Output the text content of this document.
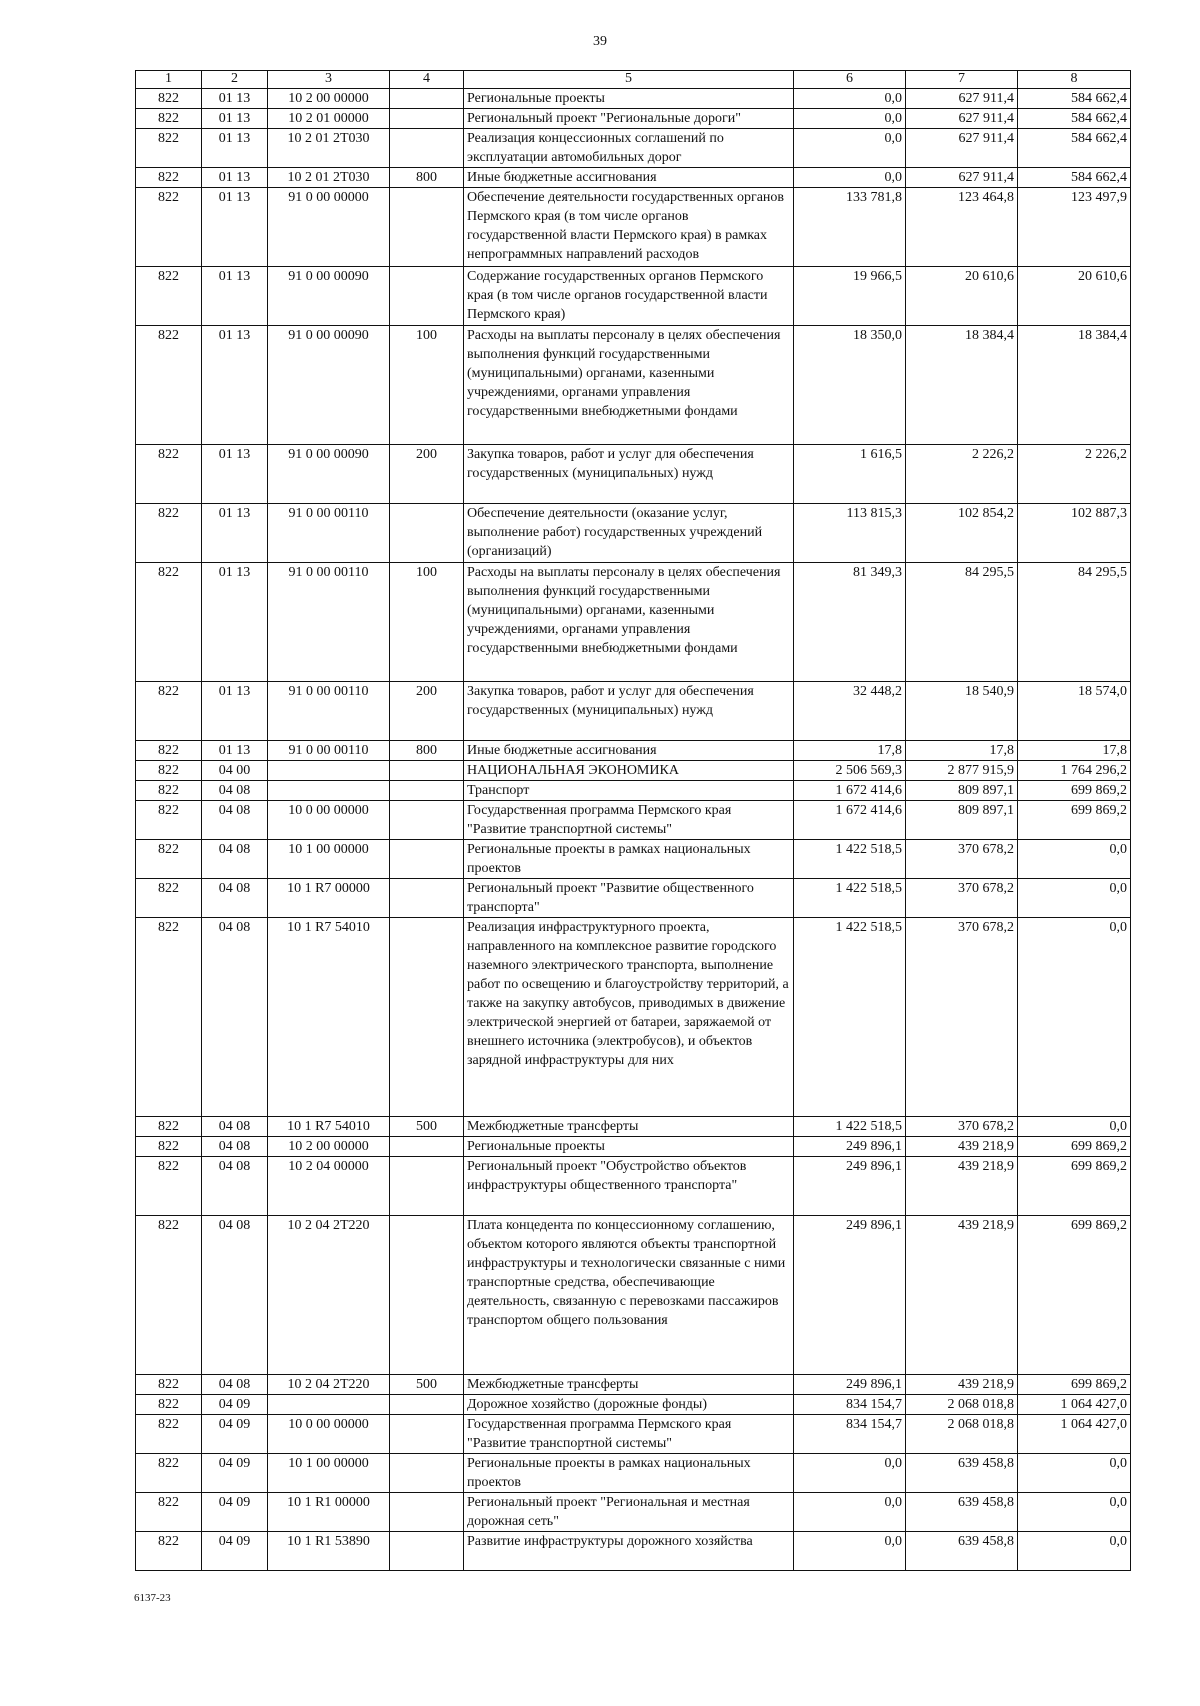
39
1	2	3	4	5	6	7	8
822	01 13	10 2 00 00000		Региональные проекты	0,0	627 911,4	584 662,4
822	01 13	10 2 01 00000		Региональный проект "Региональные дороги"	0,0	627 911,4	584 662,4
822	01 13	10 2 01 2Т030		Реализация концессионных соглашений по эксплуатации автомобильных дорог	0,0	627 911,4	584 662,4
822	01 13	10 2 01 2Т030	800	Иные бюджетные ассигнования	0,0	627 911,4	584 662,4
822	01 13	91 0 00 00000		Обеспечение деятельности государственных органов Пермского края (в том числе органов государственной власти Пермского края) в рамках непрограммных направлений расходов	133 781,8	123 464,8	123 497,9
822	01 13	91 0 00 00090		Содержание государственных органов Пермского края (в том числе органов государственной власти Пермского края)	19 966,5	20 610,6	20 610,6
822	01 13	91 0 00 00090	100	Расходы на выплаты персоналу в целях обеспечения выполнения функций государственными (муниципальными) органами, казенными учреждениями, органами управления государственными внебюджетными фондами	18 350,0	18 384,4	18 384,4
822	01 13	91 0 00 00090	200	Закупка товаров, работ и услуг для обеспечения государственных (муниципальных) нужд	1 616,5	2 226,2	2 226,2
822	01 13	91 0 00 00110		Обеспечение деятельности (оказание услуг, выполнение работ) государственных учреждений (организаций)	113 815,3	102 854,2	102 887,3
822	01 13	91 0 00 00110	100	Расходы на выплаты персоналу в целях обеспечения выполнения функций государственными (муниципальными) органами, казенными учреждениями, органами управления государственными внебюджетными фондами	81 349,3	84 295,5	84 295,5
822	01 13	91 0 00 00110	200	Закупка товаров, работ и услуг для обеспечения государственных (муниципальных) нужд	32 448,2	18 540,9	18 574,0
822	01 13	91 0 00 00110	800	Иные бюджетные ассигнования	17,8	17,8	17,8
822	04 00			НАЦИОНАЛЬНАЯ ЭКОНОМИКА	2 506 569,3	2 877 915,9	1 764 296,2
822	04 08			Транспорт	1 672 414,6	809 897,1	699 869,2
822	04 08	10 0 00 00000		Государственная программа Пермского края "Развитие транспортной системы"	1 672 414,6	809 897,1	699 869,2
822	04 08	10 1 00 00000		Региональные проекты в рамках национальных проектов	1 422 518,5	370 678,2	0,0
822	04 08	10 1 R7 00000		Региональный проект "Развитие общественного транспорта"	1 422 518,5	370 678,2	0,0
822	04 08	10 1 R7 54010		Реализация инфраструктурного проекта, направленного на комплексное развитие городского наземного электрического транспорта, выполнение работ по освещению и благоустройству территорий, а также на закупку автобусов, приводимых в движение электрической энергией от батареи, заряжаемой от внешнего источника (электробусов), и объектов зарядной инфраструктуры для них	1 422 518,5	370 678,2	0,0
822	04 08	10 1 R7 54010	500	Межбюджетные трансферты	1 422 518,5	370 678,2	0,0
822	04 08	10 2 00 00000		Региональные проекты	249 896,1	439 218,9	699 869,2
822	04 08	10 2 04 00000		Региональный проект "Обустройство объектов инфраструктуры общественного транспорта"	249 896,1	439 218,9	699 869,2
822	04 08	10 2 04 2Т220		Плата концедента по концессионному соглашению, объектом которого являются объекты транспортной инфраструктуры и технологически связанные с ними транспортные средства, обеспечивающие деятельность, связанную с перевозками пассажиров транспортом общего пользования	249 896,1	439 218,9	699 869,2
822	04 08	10 2 04 2Т220	500	Межбюджетные трансферты	249 896,1	439 218,9	699 869,2
822	04 09			Дорожное хозяйство (дорожные фонды)	834 154,7	2 068 018,8	1 064 427,0
822	04 09	10 0 00 00000		Государственная программа Пермского края "Развитие транспортной системы"	834 154,7	2 068 018,8	1 064 427,0
822	04 09	10 1 00 00000		Региональные проекты в рамках национальных проектов	0,0	639 458,8	0,0
822	04 09	10 1 R1 00000		Региональный проект "Региональная и местная дорожная сеть"	0,0	639 458,8	0,0
822	04 09	10 1 R1 53890		Развитие инфраструктуры дорожного хозяйства	0,0	639 458,8	0,0
6137-23
